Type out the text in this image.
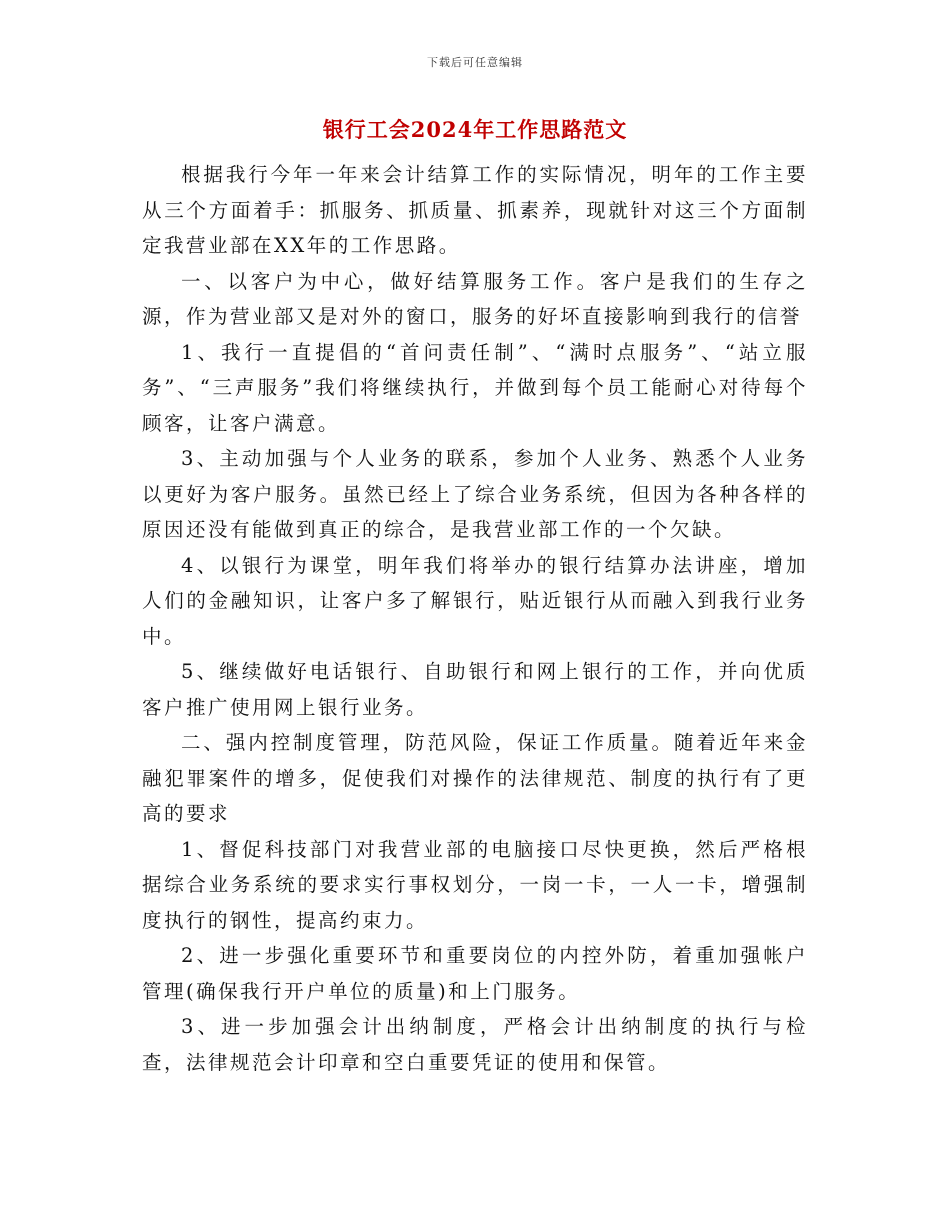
下载后可任意编辑
银行工会2024年工作思路范文

根据我行今年一年来会计结算工作的实际情况，明年的工作主要从三个方面着手：抓服务、抓质量、抓素养，现就针对这三个方面制定我营业部在XX年的工作思路。

一、以客户为中心，做好结算服务工作。客户是我们的生存之源，作为营业部又是对外的窗口，服务的好坏直接影响到我行的信誉

1、我行一直提倡的“首问责任制”、“满时点服务”、“站立服务”、“三声服务”我们将继续执行，并做到每个员工能耐心对待每个顾客，让客户满意。

3、主动加强与个人业务的联系，参加个人业务、熟悉个人业务以更好为客户服务。虽然已经上了综合业务系统，但因为各种各样的原因还没有能做到真正的综合，是我营业部工作的一个欠缺。

4、以银行为课堂，明年我们将举办的银行结算办法讲座，增加人们的金融知识，让客户多了解银行，贴近银行从而融入到我行业务中。

5、继续做好电话银行、自助银行和网上银行的工作，并向优质客户推广使用网上银行业务。

二、强内控制度管理，防范风险，保证工作质量。随着近年来金融犯罪案件的增多，促使我们对操作的法律规范、制度的执行有了更高的要求

1、督促科技部门对我营业部的电脑接口尽快更换，然后严格根据综合业务系统的要求实行事权划分，一岗一卡，一人一卡，增强制度执行的钢性，提高约束力。

2、进一步强化重要环节和重要岗位的内控外防，着重加强帐户管理(确保我行开户单位的质量)和上门服务。

3、进一步加强会计出纳制度，严格会计出纳制度的执行与检查，法律规范会计印章和空白重要凭证的使用和保管。
